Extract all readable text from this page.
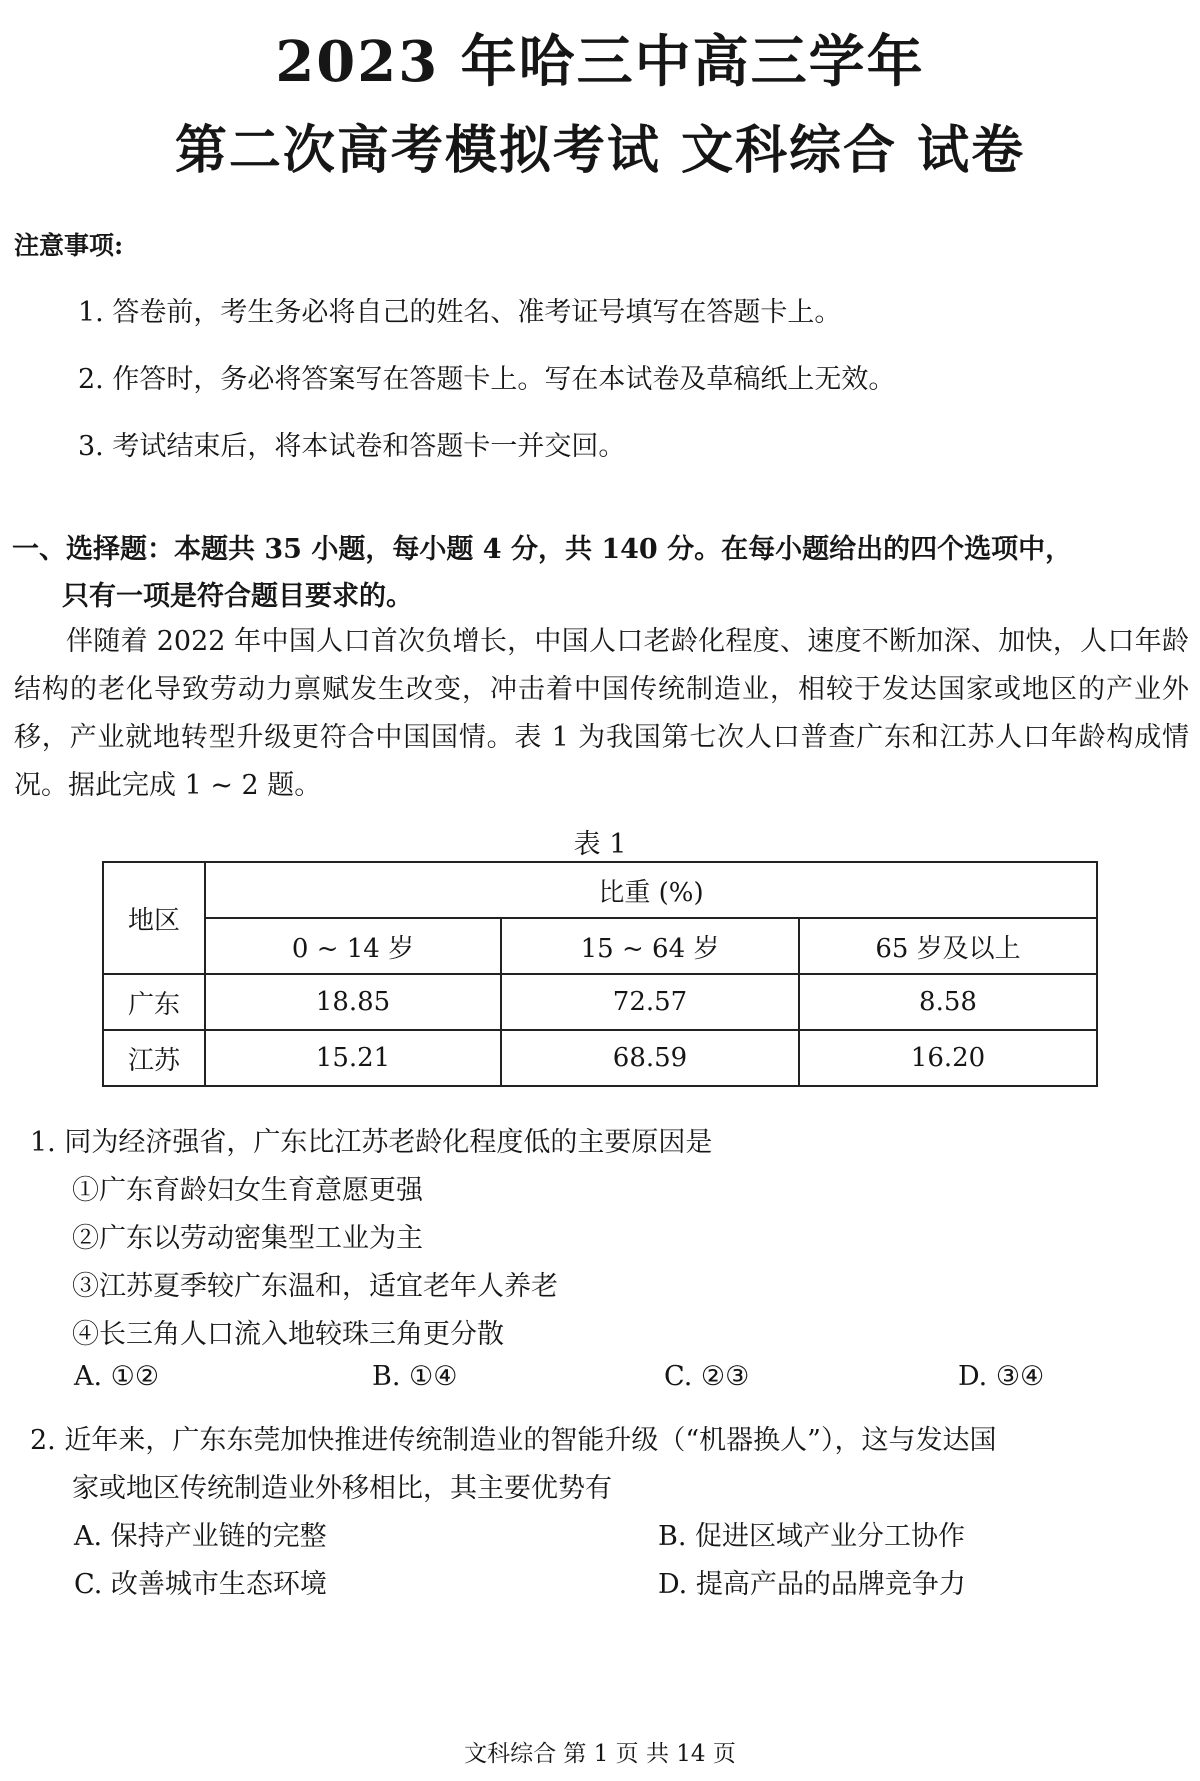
2023 年哈三中高三学年
第二次高考模拟考试 文科综合 试卷
注意事项:
1. 答卷前，考生务必将自己的姓名、准考证号填写在答题卡上。
2. 作答时，务必将答案写在答题卡上。写在本试卷及草稿纸上无效。
3. 考试结束后，将本试卷和答题卡一并交回。
一、选择题：本题共 35 小题，每小题 4 分，共 140 分。在每小题给出的四个选项中，
只有一项是符合题目要求的。
伴随着 2022 年中国人口首次负增长，中国人口老龄化程度、速度不断加深、加快，人口年龄结构的老化导致劳动力禀赋发生改变，冲击着中国传统制造业，相较于发达国家或地区的产业外移，产业就地转型升级更符合中国国情。表 1 为我国第七次人口普查广东和江苏人口年龄构成情况。据此完成 1 ~ 2 题。
表 1
地区	比重 (%)		
	0 ~ 14 岁	15 ~ 64 岁	65 岁及以上
广东	18.85	72.57	8.58
江苏	15.21	68.59	16.20
1. 同为经济强省，广东比江苏老龄化程度低的主要原因是
①广东育龄妇女生育意愿更强
②广东以劳动密集型工业为主
③江苏夏季较广东温和，适宜老年人养老
④长三角人口流入地较珠三角更分散
A. ①②	B. ①④	C. ②③	D. ③④
2. 近年来，广东东莞加快推进传统制造业的智能升级（“机器换人”），这与发达国
家或地区传统制造业外移相比，其主要优势有
A. 保持产业链的完整	B. 促进区域产业分工协作
C. 改善城市生态环境	D. 提高产品的品牌竞争力
文科综合 第 1 页 共 14 页
